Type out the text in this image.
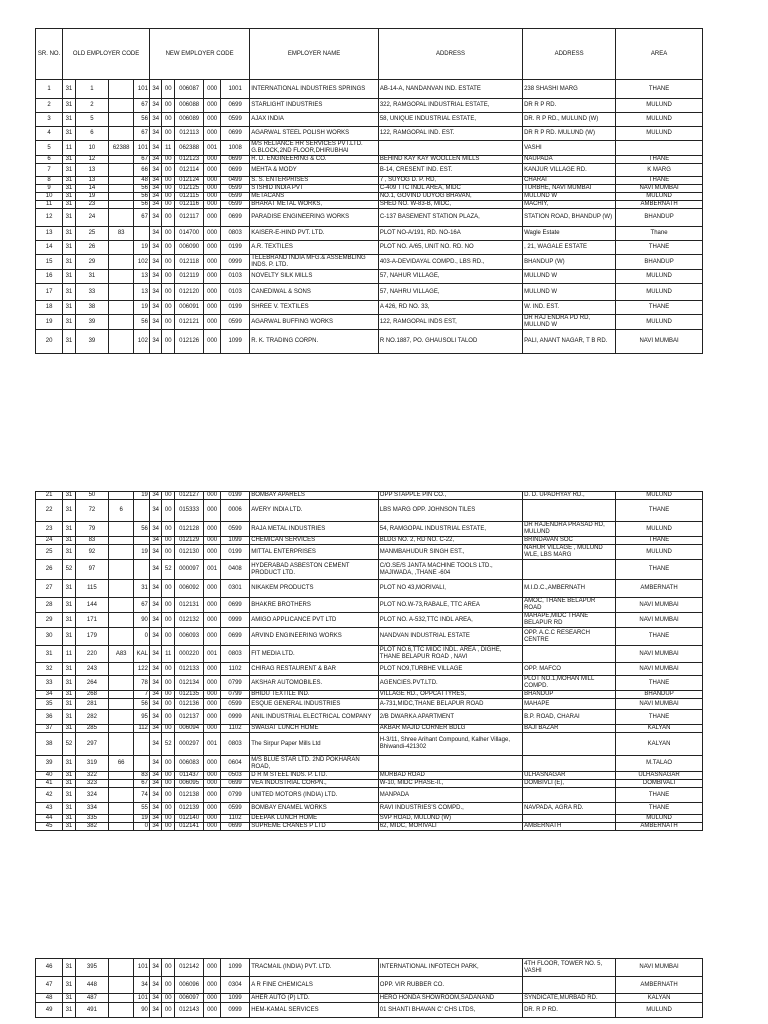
SR. NO.	OLD EMPLOYER CODE				NEW EMPLOYER CODE					EMPLOYER NAME	ADDRESS	ADDRESS	AREA
1	31	1		101	34	00	006087	000	1001	INTERNATIONAL INDUSTRIES SPRINGS	AB-14-A, NANDANVAN IND. ESTATE	238 SHASHI MARG	THANE
2	31	2		67	34	00	006088	000	0699	STARLIGHT INDUSTRIES	322, RAMGOPAL INDUSTRIAL ESTATE,	DR R P RD.	MULUND
3	31	5		56	34	00	006089	000	0599	AJAX INDIA	58, UNIQUE INDUSTRIAL ESTATE,	DR. R P RD., MULUND (W)	MULUND
4	31	6		67	34	00	012113	000	0699	AGARWAL STEEL POLISH WORKS	122, RAMGOPAL IND. EST.	DR R P RD. MULUND (W)	MULUND
5	11	10	62388	101	34	11	062388	001	1008	M/S RELIANCE HR SERVICES PVT.LTD. G.BLOCK,2ND FLOOR,DHIRUBHAI		VASHI	
6	31	12		67	34	00	012123	000	0699	R. D. ENGINEERING & CO.	BEHIND KAY KAY WOOLLEN MILLS	NAUPADA	THANE
7	31	13		66	34	00	012114	000	0699	MEHTA & MODY	B-14, CRESENT IND. EST.	KANJUR VILLAGE RD.	K MARG
8	31	13		48	34	00	012124	000	0499	S. S. ENTERPRISES	7 , SUYOG D. P. RD,	CHARAI	THANE
9	31	14		56	34	00	012125	000	0599	S ISHID INDIA PVT	C-409 TTC INDL AREA, MIDC	TURBHE, NAVI MUMBAI	NAVI MUMBAI
10	31	19		56	34	00	012115	000	0599	METACANS	NO.1, GOVIND UDYOG BHAVAN,	MULUND W	MULUND
11	31	23		56	34	00	012116	000	0599	BHARAT METAL WORKS,	SHED NO. W-83-B, MIDC,	MACHIY,	AMBERNATH
12	31	24		67	34	00	012117	000	0699	PARADISE ENGINEERING WORKS	C-137 BASEMENT STATION PLAZA,	STATION ROAD, BHANDUP (W)	BHANDUP
13	31	25	83		34	00	014700	000	0803	KAISER-E-HIND PVT. LTD.	PLOT NO-A/191, RD. NO-16A	Wagle Estate	Thane
14	31	26		19	34	00	006090	000	0199	A.R. TEXTILES	PLOT NO. A/65, UNIT NO. RD. NO	, 21, WAGALE ESTATE	THANE
15	31	29		102	34	00	012118	000	0999	TELEBRAND INDIA MFG.& ASSEMBLING INDS. P. LTD.	403-A-DEVIDAYAL COMPD., LBS RD.,	BHANDUP (W)	BHANDUP
16	31	31		13	34	00	012119	000	0103	NOVELTY SILK MILLS	57, NAHUR VILLAGE,	MULUND W	MULUND
17	31	33		13	34	00	012120	000	0103	CANEDIWAL & SONS	57, NAHRU VILLAGE,	MULUND W	MULUND
18	31	38		19	34	00	006091	000	0199	SHREE V. TEXTILES	A 426, RD NO. 33,	W. IND. EST.	THANE
19	31	39		56	34	00	012121	000	0599	AGARWAL BUFFING WORKS	122, RAMGOPAL INDS EST,	DR RAJ ENDRA PD RD, MULUND W	MULUND
20	31	39		102	34	00	012126	000	1099	R. K. TRADING CORPN.	R NO.1887, PO. GHAUSOLI TALOD	PALI, ANANT NAGAR, T B RD.	NAVI MUMBAI
21	31	50		19	34	00	012127	000	0199	BOMBAY APARELS	OPP STAPPLE PIN CO.,	D. D. UPADHYAY RD.,	MULUND
22	31	72	6		34	00	015333	000	0006	AVERY INDIA LTD.	LBS MARG OPP. JOHNSON TILES		THANE
23	31	79		56	34	00	012128	000	0599	RAJA METAL INDUSTRIES	54, RAMGOPAL INDUSTRIAL ESTATE,	DR RAJENDRA PRASAD RD, MULUND	MULUND
24	31	83			34	00	012129	000	1099	CHEMICAN SERVICES	BLDG NO. 2, RD NO. C-22,	BRINDAVAN SOC	THANE
25	31	92		19	34	00	012130	000	0199	MITTAL ENTERPRISES	MANMBAHUDUR SINGH EST.,	NAHUR VILLAGE , MULUND WLE, LBS MARG	MULUND
26	52	97			34	52	000097	001	0408	HYDERABAD ASBESTON CEMENT PRODUCT LTD.	C/O.SE/S JANTA MACHINE TOOLS LTD., MAJIWADA, ,THANE -604		THANE
27	31	115		31	34	00	006092	000	0301	NIKAKEM PRODUCTS	PLOT NO 43,MORIVALI,	M.I.D.C.,AMBERNATH	AMBERNATH
28	31	144		67	34	00	012131	000	0699	BHAKRE BROTHERS	PLOT NO.W-73,RABALE, TTC AREA	AMOC, THANE BELAPUR ROAD	NAVI MUMBAI
29	31	171		90	34	00	012132	000	0999	AMIGO APPLICANCE PVT LTD	PLOT NO. A-532,TTC INDL AREA,	MAHAPE,MIDC THANE BELAPUR RD	NAVI MUMBAI
30	31	179		0	34	00	006093	000	0699	ARVIND ENGINEERING WORKS	NANDVAN INDUSTRIAL ESTATE	OPP. A.C.C RESEARCH CENTRE	THANE
31	11	220	A83	KAL	34	11	000220	001	0803	FIT MEDIA LTD.	PLOT NO.6,TTC MIDC INDL. AREA , DIGHE, THANE BELAPUR ROAD , NAVI		NAVI MUMBAI
32	31	243		122	34	00	012133	000	1102	CHIRAG RESTAURENT & BAR	PLOT NO9,TURBHE VILLAGE	OPP. MAFCO	NAVI MUMBAI
33	31	264		78	34	00	012134	000	0799	AKSHAR AUTOMOBILES.	AGENCIES.PVT.LTD.	PLOT NO.1,MOHAN MILL COMPD.	THANE
34	31	268		7	34	00	012135	000	0799	BHIDU TEXTILE IND.	VILLAGE RD., OPPCATTYRES,	BHANDUP	BHANDUP
35	31	281		56	34	00	012136	000	0599	ESQUE GENERAL INDUSTRIES	A-731,MIDC,THANE BELAPUR ROAD	MAHAPE	NAVI MUMBAI
36	31	282		95	34	00	012137	000	0999	ANIL INDUSTRIAL ELECTRICAL COMPANY	2/B DWARKA APARTMENT	B.P. ROAD, CHARAI	THANE
37	31	285		112	34	00	006094	000	1102	SWAGAT LUNCH HOME	AKBAR MAJID CORNER BDLG	BAJI BAZAR	KALYAN
38	52	297			34	52	000297	001	0803	The Sirpur Paper Mills Ltd	H-3/11, Shree Arihant Compound, Kalher Village, Bhiwandi-421302		KALYAN
39	31	319	66		34	00	006083	000	0604	M/S BLUE STAR LTD. 2ND POKHARAN ROAD,			M.TALAO
40	31	322		83	34	00	011437	000	0503	D R M STEEL INDS. P. LTD.	MURBAD ROAD	ULHASNAGAR	ULHASNAGAR
41	31	323		67	34	00	006095	000	0699	VEA INDUSTRIAL CORPN.,	W-10, MIDC PHASE-II.,	DOMBIVLI (E),	DOMBIVALI
42	31	324		74	34	00	012138	000	0799	UNITED MOTORS (INDIA) LTD.	MANPADA		THANE
43	31	334		55	34	00	012139	000	0599	BOMBAY ENAMEL WORKS	RAVI INDUSTRIES'S COMPD.,	NAVPADA, AGRA RD.	THANE
44	31	335		19	34	00	012140	000	1102	DEEPAK LUNCH HOME	SVP ROAD, MULUND (W)		MULUND
45	31	382		0	34	00	012141	000	0699	SUPREME CRANES P LTD	62, MIDC, MORIVALI	AMBERNATH	AMBERNATH
46	31	395		101	34	00	012142	000	1099	TRACMAIL (INDIA) PVT. LTD.	INTERNATIONAL INFOTECH PARK,	4TH FLOOR, TOWER NO. 5, VASHI	NAVI MUMBAI
47	31	448		34	34	00	006096	000	0304	A R FINE CHEMICALS	OPP. VIR RUBBER CO.		AMBERNATH
48	31	487		101	34	00	006097	000	1099	AHER AUTO (P) LTD.	HERO HONDA SHOWROOM,SADANAND	SYNDICATE,MURBAD RD.	KALYAN
49	31	491		90	34	00	012143	000	0999	HEM-KAMAL SERVICES	01 SHANTI BHAVAN C' CHS LTDS,	DR. R P RD.	MULUND
